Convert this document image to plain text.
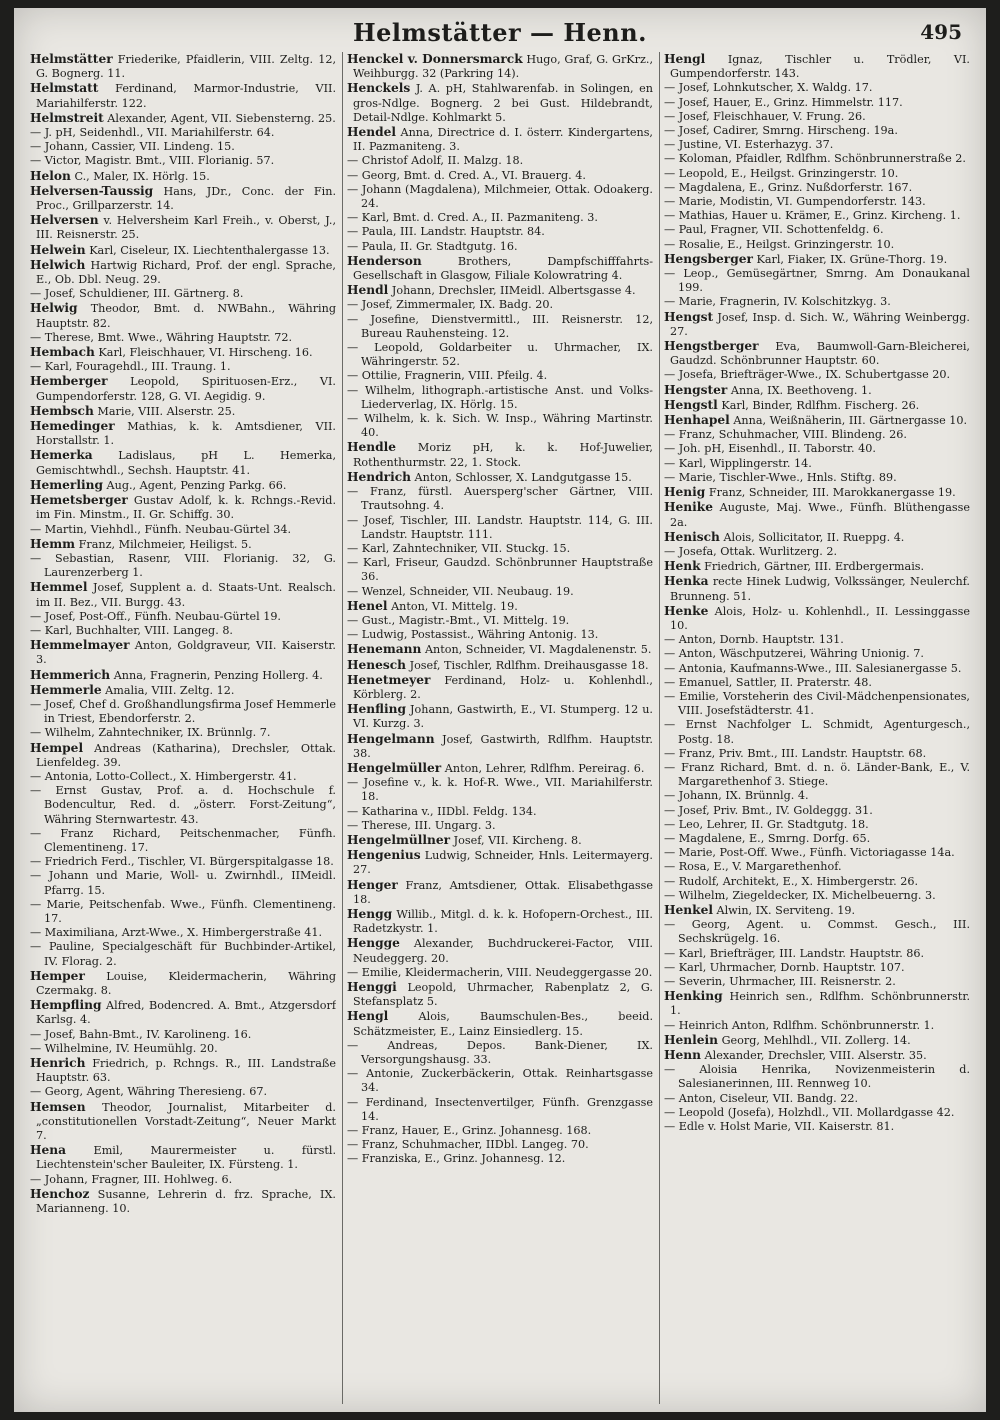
Helmstätter — Henn.	495

Helmstätter Friederike, Pfaidlerin, VIII. Zeltg. 12, G. Bognerg. 11.

Helmstatt Ferdinand, Marmor-Industrie, VII. Mariahilferstr. 122.

Helmstreit Alexander, Agent, VII. Siebensterng. 25.

— J. pH, Seidenhdl., VII. Mariahilferstr. 64.

— Johann, Cassier, VII. Lindeng. 15.

— Victor, Magistr. Bmt., VIII. Florianig. 57.

Helon C., Maler, IX. Hörlg. 15.

Helversen-Taussig Hans, JDr., Conc. der Fin. Proc., Grillparzerstr. 14.

Helversen v. Helversheim Karl Freih., v. Oberst, J., III. Reisnerstr. 25.

Helwein Karl, Ciseleur, IX. Liechtenthalergasse 13.

Helwich Hartwig Richard, Prof. der engl. Sprache, E., Ob. Dbl. Neug. 29.

— Josef, Schuldiener, III. Gärtnerg. 8.

Helwig Theodor, Bmt. d. NWBahn., Währing Hauptstr. 82.

— Therese, Bmt. Wwe., Währing Hauptstr. 72.

Hembach Karl, Fleischhauer, VI. Hirscheng. 16.

— Karl, Fouragehdl., III. Traung. 1.

Hemberger Leopold, Spirituosen-Erz., VI. Gumpendorferstr. 128, G. VI. Aegidig. 9.

Hembsch Marie, VIII. Alserstr. 25.

Hemedinger Mathias, k. k. Amtsdiener, VII. Horstallstr. 1.

Hemerka Ladislaus, pH L. Hemerka, Gemischtwhdl., Sechsh. Hauptstr. 41.

Hemerling Aug., Agent, Penzing Parkg. 66.

Hemetsberger Gustav Adolf, k. k. Rchngs.-Revid. im Fin. Minstm., II. Gr. Schiffg. 30.

— Martin, Viehhdl., Fünfh. Neubau-Gürtel 34.

Hemm Franz, Milchmeier, Heiligst. 5.

— Sebastian, Rasenr, VIII. Florianig. 32, G. Laurenzerberg 1.

Hemmel Josef, Supplent a. d. Staats-Unt. Realsch. im II. Bez., VII. Burgg. 43.

— Josef, Post-Off., Fünfh. Neubau-Gürtel 19.

— Karl, Buchhalter, VIII. Langeg. 8.

Hemmelmayer Anton, Goldgraveur, VII. Kaiserstr. 3.

Hemmerich Anna, Fragnerin, Penzing Hollerg. 4.

Hemmerle Amalia, VIII. Zeltg. 12.

— Josef, Chef d. Großhandlungsfirma Josef Hemmerle in Triest, Ebendorferstr. 2.

— Wilhelm, Zahntechniker, IX. Brünnlg. 7.

Hempel Andreas (Katharina), Drechsler, Ottak. Lienfeldeg. 39.

— Antonia, Lotto-Collect., X. Himbergerstr. 41.

— Ernst Gustav, Prof. a. d. Hochschule f. Bodencultur, Red. d. „österr. Forst-Zeitung“, Währing Sternwartestr. 43.

— Franz Richard, Peitschenmacher, Fünfh. Clementineng. 17.

— Friedrich Ferd., Tischler, VI. Bürgerspitalgasse 18.

— Johann und Marie, Woll- u. Zwirnhdl., IIMeidl. Pfarrg. 15.

— Marie, Peitschenfab. Wwe., Fünfh. Clementineng. 17.

— Maximiliana, Arzt-Wwe., X. Himbergerstraße 41.

— Pauline, Specialgeschäft für Buchbinder-Artikel, IV. Florag. 2.

Hemper Louise, Kleidermacherin, Währing Czermakg. 8.

Hempfling Alfred, Bodencred. A. Bmt., Atzgersdorf Karlsg. 4.

— Josef, Bahn-Bmt., IV. Karolineng. 16.

— Wilhelmine, IV. Heumühlg. 20.

Henrich Friedrich, p. Rchngs. R., III. Landstraße Hauptstr. 63.

— Georg, Agent, Währing Theresieng. 67.

Hemsen Theodor, Journalist, Mitarbeiter d. „constitutionellen Vorstadt-Zeitung“, Neuer Markt 7.

Hena Emil, Maurermeister u. fürstl. Liechtenstein'scher Bauleiter, IX. Fürsteng. 1.

— Johann, Fragner, III. Hohlweg. 6.

Henchoz Susanne, Lehrerin d. frz. Sprache, IX. Marianneng. 10.

Henckel v. Donnersmarck Hugo, Graf, G. GrKrz., Weihburgg. 32 (Parkring 14).

Henckels J. A. pH, Stahlwarenfab. in Solingen, en gros-Ndlge. Bognerg. 2 bei Gust. Hildebrandt, Detail-Ndlge. Kohlmarkt 5.

Hendel Anna, Directrice d. I. österr. Kindergartens, II. Pazmaniteng. 3.

— Christof Adolf, II. Malzg. 18.

— Georg, Bmt. d. Cred. A., VI. Brauerg. 4.

— Johann (Magdalena), Milchmeier, Ottak. Odoakerg. 24.

— Karl, Bmt. d. Cred. A., II. Pazmaniteng. 3.

— Paula, III. Landstr. Hauptstr. 84.

— Paula, II. Gr. Stadtgutg. 16.

Henderson Brothers, Dampfschifffahrts-Gesellschaft in Glasgow, Filiale Kolowratring 4.

Hendl Johann, Drechsler, IIMeidl. Albertsgasse 4.

— Josef, Zimmermaler, IX. Badg. 20.

— Josefine, Dienstvermittl., III. Reisnerstr. 12, Bureau Rauhensteing. 12.

— Leopold, Goldarbeiter u. Uhrmacher, IX. Währingerstr. 52.

— Ottilie, Fragnerin, VIII. Pfeilg. 4.

— Wilhelm, lithograph.-artistische Anst. und Volks-Liederverlag, IX. Hörlg. 15.

— Wilhelm, k. k. Sich. W. Insp., Währing Martinstr. 40.

Hendle Moriz pH, k. k. Hof-Juwelier, Rothenthurmstr. 22, 1. Stock.

Hendrich Anton, Schlosser, X. Landgutgasse 15.

— Franz, fürstl. Auersperg'scher Gärtner, VIII. Trautsohng. 4.

— Josef, Tischler, III. Landstr. Hauptstr. 114, G. III. Landstr. Hauptstr. 111.

— Karl, Zahntechniker, VII. Stuckg. 15.

— Karl, Friseur, Gaudzd. Schönbrunner Hauptstraße 36.

— Wenzel, Schneider, VII. Neubaug. 19.

Henel Anton, VI. Mittelg. 19.

— Gust., Magistr.-Bmt., VI. Mittelg. 19.

— Ludwig, Postassist., Währing Antonig. 13.

Henemann Anton, Schneider, VI. Magdalenenstr. 5.

Henesch Josef, Tischler, Rdlfhm. Dreihausgasse 18.

Henetmeyer Ferdinand, Holz- u. Kohlenhdl., Körblerg. 2.

Henfling Johann, Gastwirth, E., VI. Stumperg. 12 u. VI. Kurzg. 3.

Hengelmann Josef, Gastwirth, Rdlfhm. Hauptstr. 38.

Hengelmüller Anton, Lehrer, Rdlfhm. Pereirag. 6.

— Josefine v., k. k. Hof-R. Wwe., VII. Mariahilferstr. 18.

— Katharina v., IIDbl. Feldg. 134.

— Therese, III. Ungarg. 3.

Hengelmüllner Josef, VII. Kircheng. 8.

Hengenius Ludwig, Schneider, Hnls. Leitermayerg. 27.

Henger Franz, Amtsdiener, Ottak. Elisabethgasse 18.

Hengg Willib., Mitgl. d. k. k. Hofopern-Orchest., III. Radetzkystr. 1.

Hengge Alexander, Buchdruckerei-Factor, VIII. Neudeggerg. 20.

— Emilie, Kleidermacherin, VIII. Neudeggergasse 20.

Henggi Leopold, Uhrmacher, Rabenplatz 2, G. Stefansplatz 5.

Hengl Alois, Baumschulen-Bes., beeid. Schätzmeister, E., Lainz Einsiedlerg. 15.

— Andreas, Depos. Bank-Diener, IX. Versorgungshausg. 33.

— Antonie, Zuckerbäckerin, Ottak. Reinhartsgasse 34.

— Ferdinand, Insectenvertilger, Fünfh. Grenzgasse 14.

— Franz, Hauer, E., Grinz. Johannesg. 168.

— Franz, Schuhmacher, IIDbl. Langeg. 70.

— Franziska, E., Grinz. Johannesg. 12.

Hengl Ignaz, Tischler u. Trödler, VI. Gumpendorferstr. 143.

— Josef, Lohnkutscher, X. Waldg. 17.

— Josef, Hauer, E., Grinz. Himmelstr. 117.

— Josef, Fleischhauer, V. Frung. 26.

— Josef, Cadirer, Smrng. Hirscheng. 19a.

— Justine, VI. Esterhazyg. 37.

— Koloman, Pfaidler, Rdlfhm. Schönbrunnerstraße 2.

— Leopold, E., Heilgst. Grinzingerstr. 10.

— Magdalena, E., Grinz. Nußdorferstr. 167.

— Marie, Modistin, VI. Gumpendorferstr. 143.

— Mathias, Hauer u. Krämer, E., Grinz. Kircheng. 1.

— Paul, Fragner, VII. Schottenfeldg. 6.

— Rosalie, E., Heilgst. Grinzingerstr. 10.

Hengsberger Karl, Fiaker, IX. Grüne-Thorg. 19.

— Leop., Gemüsegärtner, Smrng. Am Donaukanal 199.

— Marie, Fragnerin, IV. Kolschitzkyg. 3.

Hengst Josef, Insp. d. Sich. W., Währing Weinbergg. 27.

Hengstberger Eva, Baumwoll-Garn-Bleicherei, Gaudzd. Schönbrunner Hauptstr. 60.

— Josefa, Briefträger-Wwe., IX. Schubertgasse 20.

Hengster Anna, IX. Beethoveng. 1.

Hengstl Karl, Binder, Rdlfhm. Fischerg. 26.

Henhapel Anna, Weißnäherin, III. Gärtnergasse 10.

— Franz, Schuhmacher, VIII. Blindeng. 26.

— Joh. pH, Eisenhdl., II. Taborstr. 40.

— Karl, Wipplingerstr. 14.

— Marie, Tischler-Wwe., Hnls. Stiftg. 89.

Henig Franz, Schneider, III. Marokkanergasse 19.

Henike Auguste, Maj. Wwe., Fünfh. Blüthengasse 2a.

Henisch Alois, Sollicitator, II. Rueppg. 4.

— Josefa, Ottak. Wurlitzerg. 2.

Henk Friedrich, Gärtner, III. Erdbergermais.

Henka recte Hinek Ludwig, Volkssänger, Neulerchf. Brunneng. 51.

Henke Alois, Holz- u. Kohlenhdl., II. Lessinggasse 10.

— Anton, Dornb. Hauptstr. 131.

— Anton, Wäschputzerei, Währing Unionig. 7.

— Antonia, Kaufmanns-Wwe., III. Salesianergasse 5.

— Emanuel, Sattler, II. Praterstr. 48.

— Emilie, Vorsteherin des Civil-Mädchenpensionates, VIII. Josefstädterstr. 41.

— Ernst Nachfolger L. Schmidt, Agenturgesch., Postg. 18.

— Franz, Priv. Bmt., III. Landstr. Hauptstr. 68.

— Franz Richard, Bmt. d. n. ö. Länder-Bank, E., V. Margarethenhof 3. Stiege.

— Johann, IX. Brünnlg. 4.

— Josef, Priv. Bmt., IV. Goldeggg. 31.

— Leo, Lehrer, II. Gr. Stadtgutg. 18.

— Magdalene, E., Smrng. Dorfg. 65.

— Marie, Post-Off. Wwe., Fünfh. Victoriagasse 14a.

— Rosa, E., V. Margarethenhof.

— Rudolf, Architekt, E., X. Himbergerstr. 26.

— Wilhelm, Ziegeldecker, IX. Michelbeuerng. 3.

Henkel Alwin, IX. Serviteng. 19.

— Georg, Agent. u. Commst. Gesch., III. Sechskrügelg. 16.

— Karl, Briefträger, III. Landstr. Hauptstr. 86.

— Karl, Uhrmacher, Dornb. Hauptstr. 107.

— Severin, Uhrmacher, III. Reisnerstr. 2.

Henking Heinrich sen., Rdlfhm. Schönbrunnerstr. 1.

— Heinrich Anton, Rdlfhm. Schönbrunnerstr. 1.

Henlein Georg, Mehlhdl., VII. Zollerg. 14.

Henn Alexander, Drechsler, VIII. Alserstr. 35.

— Aloisia Henrika, Novizenmeisterin d. Salesianerinnen, III. Rennweg 10.

— Anton, Ciseleur, VII. Bandg. 22.

— Leopold (Josefa), Holzhdl., VII. Mollardgasse 42.

— Edle v. Holst Marie, VII. Kaiserstr. 81.
